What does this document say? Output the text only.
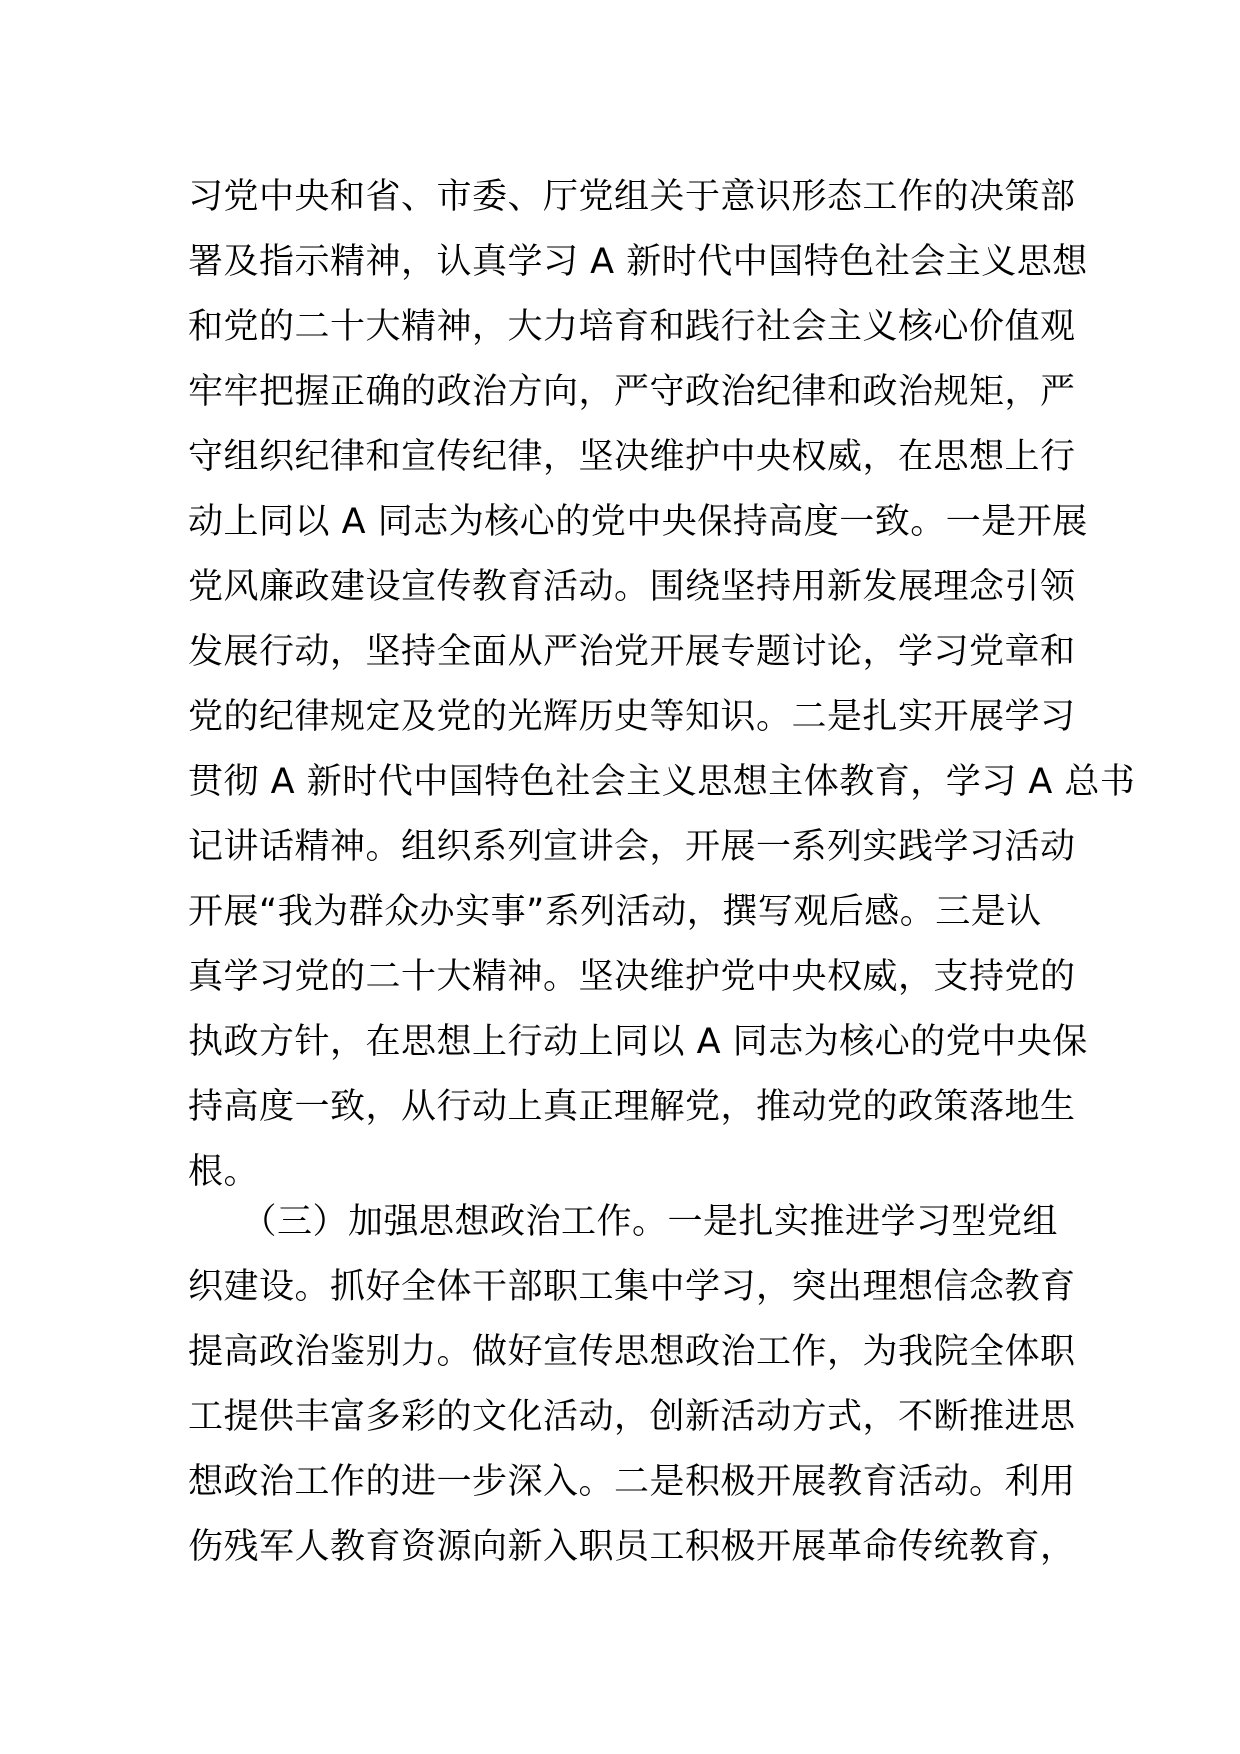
习党中央和省、市委、厅党组关于意识形态工作的决策部
署及指示精神，认真学习 A 新时代中国特色社会主义思想
和党的二十大精神，大力培育和践行社会主义核心价值观
牢牢把握正确的政治方向，严守政治纪律和政治规矩，严
守组织纪律和宣传纪律，坚决维护中央权威，在思想上行
动上同以 A 同志为核心的党中央保持高度一致。一是开展
党风廉政建设宣传教育活动。围绕坚持用新发展理念引领
发展行动，坚持全面从严治党开展专题讨论，学习党章和
党的纪律规定及党的光辉历史等知识。二是扎实开展学习
贯彻 A 新时代中国特色社会主义思想主体教育，学习 A 总书
记讲话精神。组织系列宣讲会，开展一系列实践学习活动
开展“我为群众办实事”系列活动，撰写观后感。三是认
真学习党的二十大精神。坚决维护党中央权威，支持党的
执政方针，在思想上行动上同以 A 同志为核心的党中央保
持高度一致，从行动上真正理解党，推动党的政策落地生
根。
　　（三）加强思想政治工作。一是扎实推进学习型党组
织建设。抓好全体干部职工集中学习，突出理想信念教育
提高政治鉴别力。做好宣传思想政治工作，为我院全体职
工提供丰富多彩的文化活动，创新活动方式，不断推进思
想政治工作的进一步深入。二是积极开展教育活动。利用
伤残军人教育资源向新入职员工积极开展革命传统教育，
